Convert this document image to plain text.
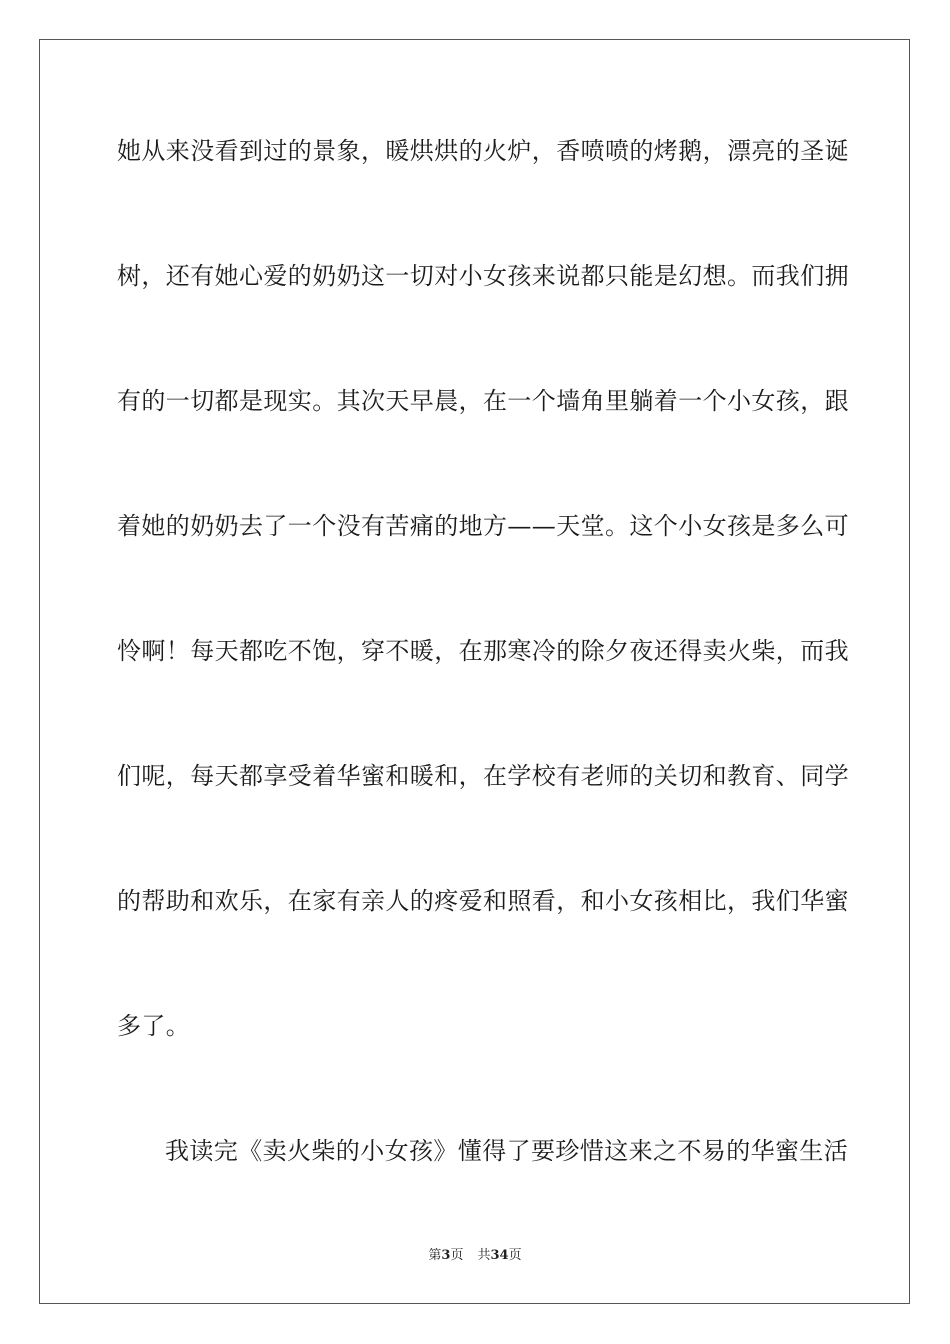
她从来没看到过的景象，暖烘烘的火炉，香喷喷的烤鹅，漂亮的圣诞
树，还有她心爱的奶奶这一切对小女孩来说都只能是幻想。而我们拥
有的一切都是现实。其次天早晨，在一个墙角里躺着一个小女孩，跟
着她的奶奶去了一个没有苦痛的地方——天堂。这个小女孩是多么可
怜啊！每天都吃不饱，穿不暖，在那寒冷的除夕夜还得卖火柴，而我
们呢，每天都享受着华蜜和暖和，在学校有老师的关切和教育、同学
的帮助和欢乐，在家有亲人的疼爱和照看，和小女孩相比，我们华蜜
多了。
我读完《卖火柴的小女孩》懂得了要珍惜这来之不易的华蜜生活
第3页 共34页
